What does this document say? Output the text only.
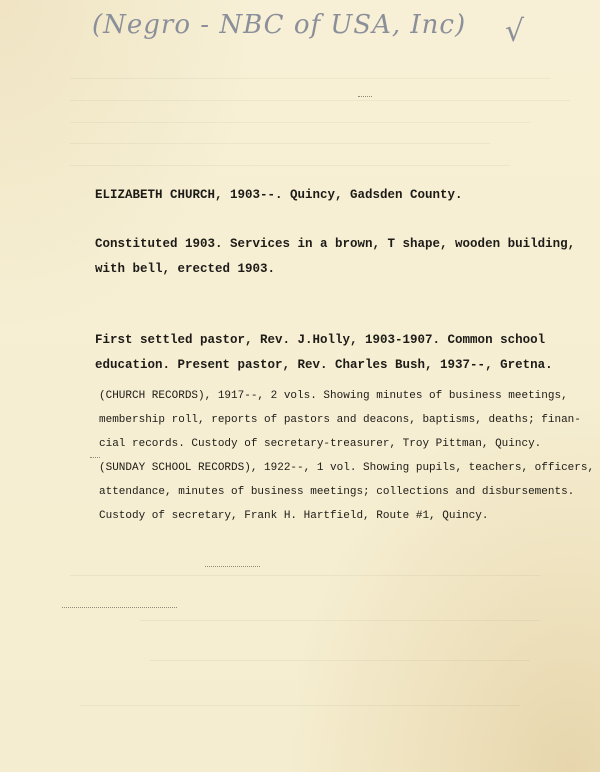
(Negro - NBC of USA, Inc) √
ELIZABETH CHURCH, 1903--. Quincy, Gadsden County.
Constituted 1903. Services in a brown, T shape, wooden building,
with bell, erected 1903.
First settled pastor, Rev. J.Holly, 1903-1907. Common school
education. Present pastor, Rev. Charles Bush, 1937--, Gretna.
(CHURCH RECORDS), 1917--, 2 vols. Showing minutes of business meetings,
membership roll, reports of pastors and deacons, baptisms, deaths; finan-
cial records. Custody of secretary-treasurer, Troy Pittman, Quincy.
(SUNDAY SCHOOL RECORDS), 1922--, 1 vol. Showing pupils, teachers, officers,
attendance, minutes of business meetings; collections and disbursements.
Custody of secretary, Frank H. Hartfield, Route #1, Quincy.
